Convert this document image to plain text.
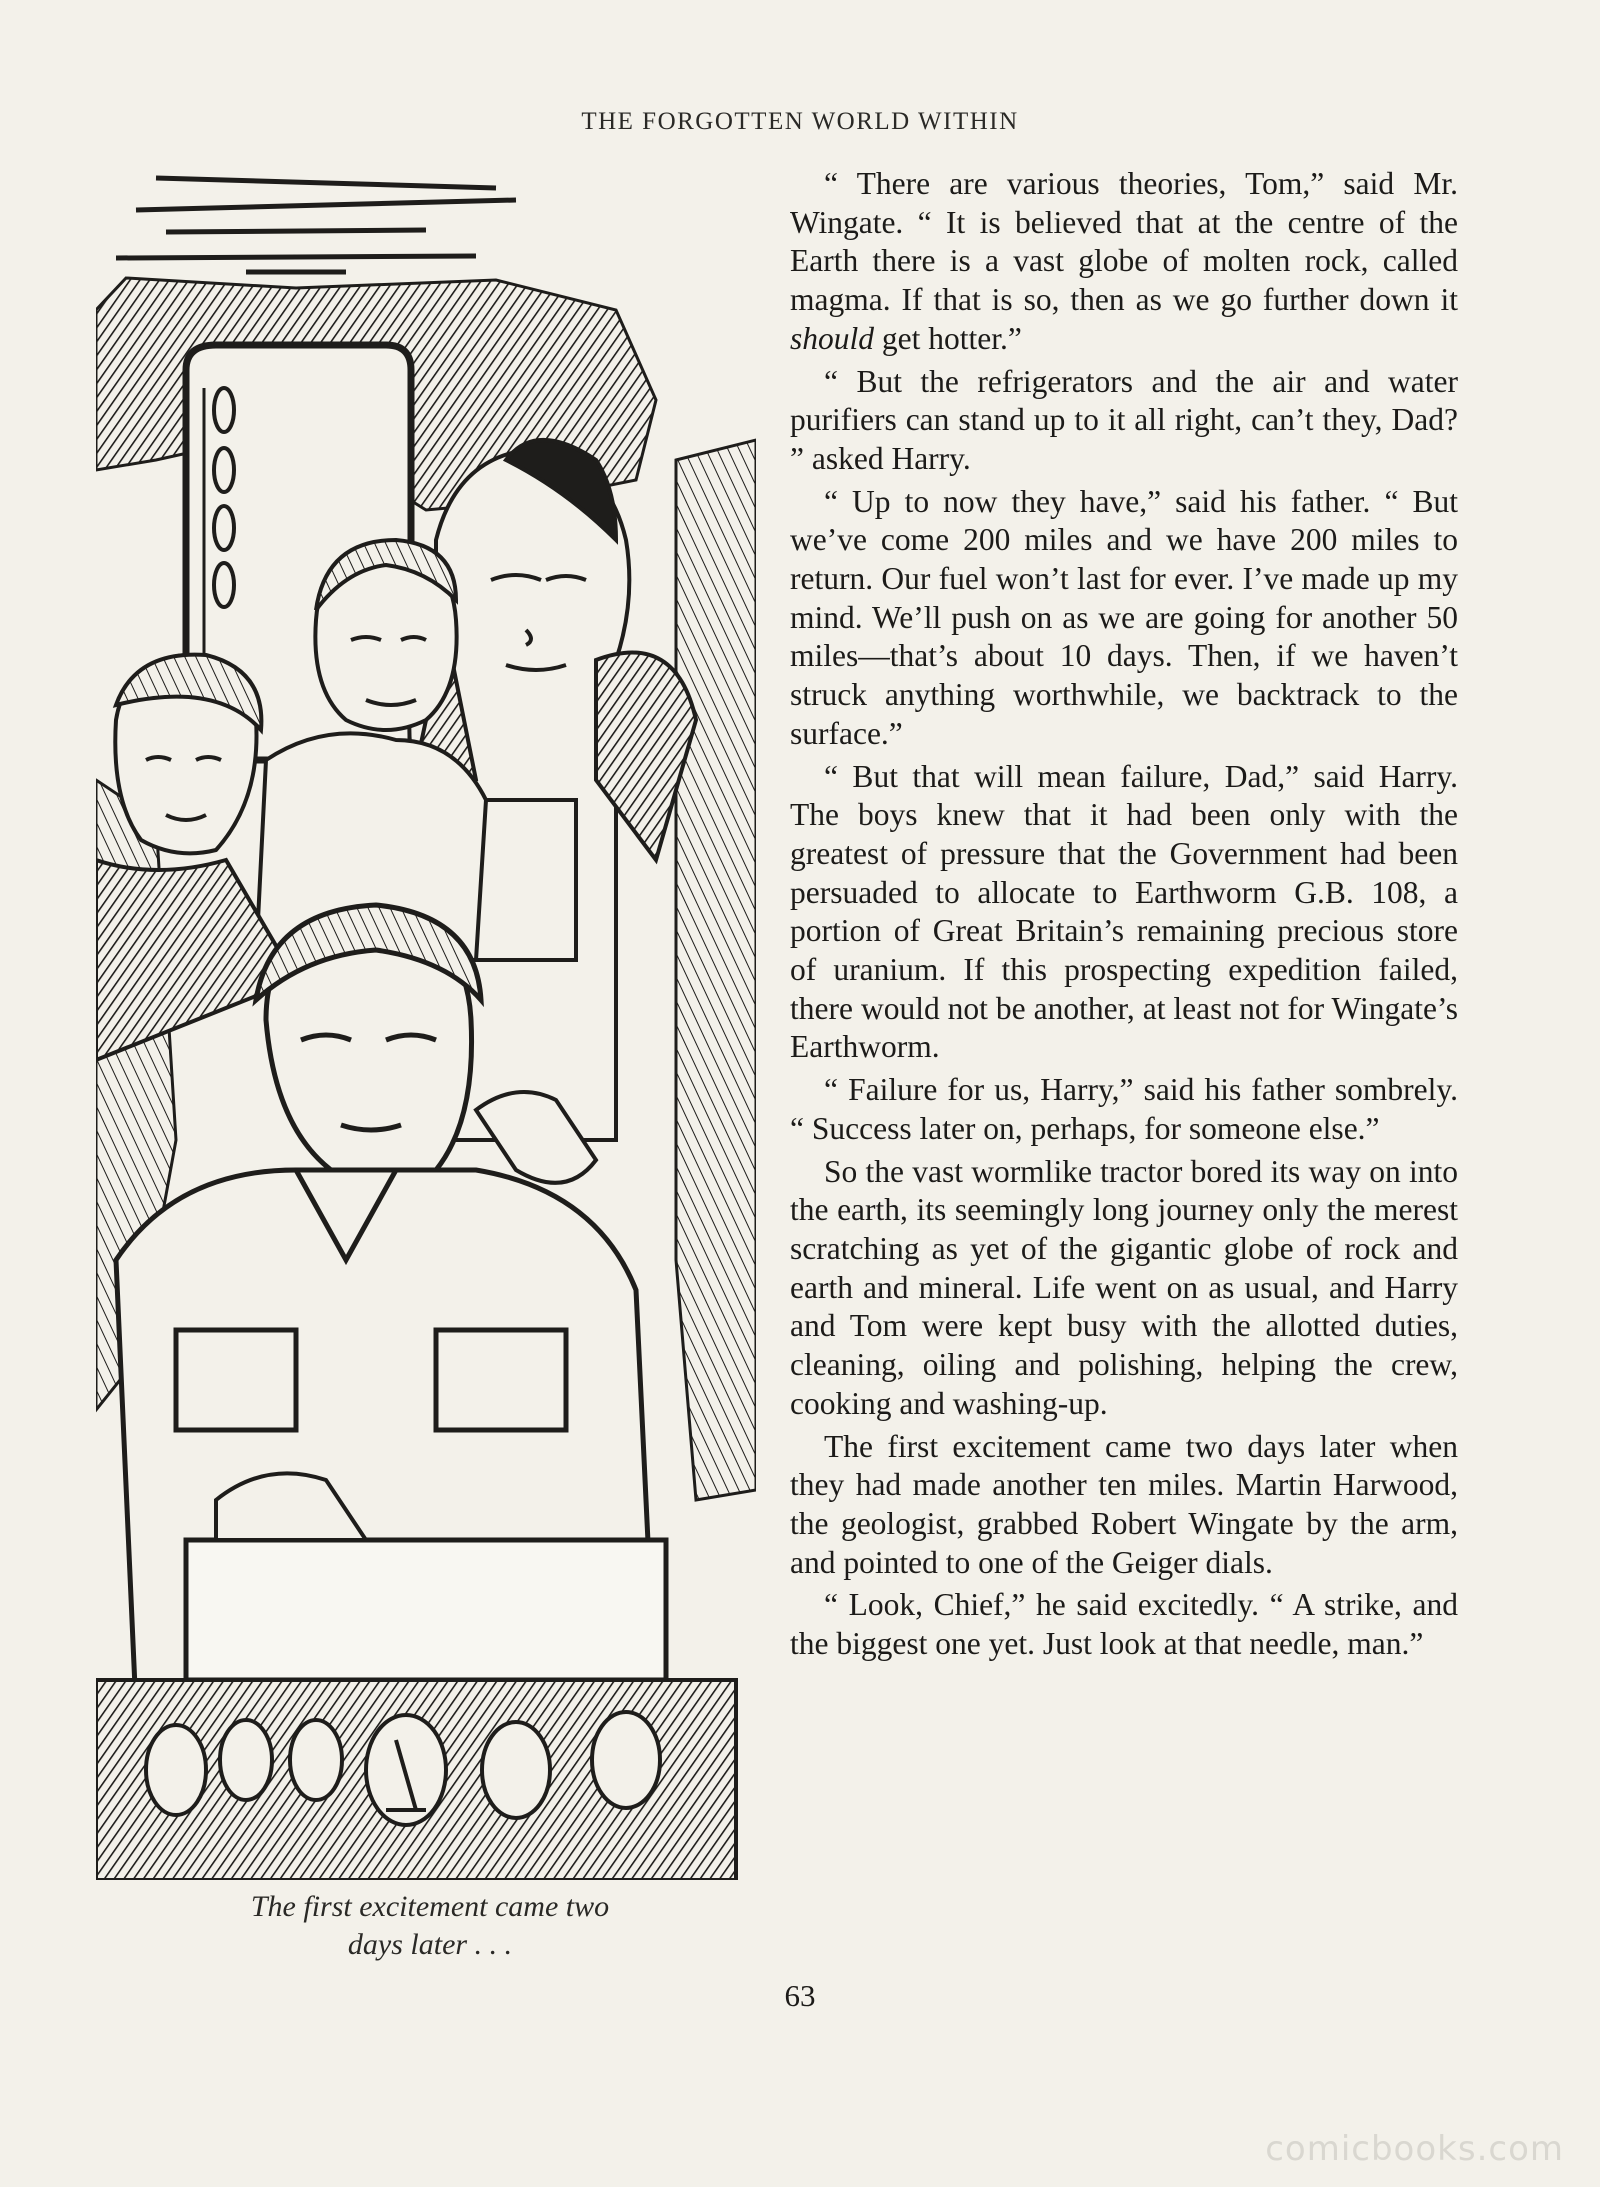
THE FORGOTTEN WORLD WITHIN
The first excitement came two
days later . . .

“ There are various theories, Tom,” said Mr. Wingate. “ It is believed that at the centre of the Earth there is a vast globe of molten rock, called magma. If that is so, then as we go further down it should get hotter.”

“ But the refrigerators and the air and water purifiers can stand up to it all right, can’t they, Dad? ” asked Harry.

“ Up to now they have,” said his father. “ But we’ve come 200 miles and we have 200 miles to return. Our fuel won’t last for ever. I’ve made up my mind. We’ll push on as we are going for another 50 miles—that’s about 10 days. Then, if we haven’t struck anything worthwhile, we backtrack to the surface.”

“ But that will mean failure, Dad,” said Harry. The boys knew that it had been only with the greatest of pressure that the Government had been persuaded to allocate to Earthworm G.B. 108, a portion of Great Britain’s remaining precious store of uranium. If this prospecting expedition failed, there would not be another, at least not for Wingate’s Earthworm.

“ Failure for us, Harry,” said his father sombrely. “ Success later on, perhaps, for someone else.”

So the vast wormlike tractor bored its way on into the earth, its seemingly long journey only the merest scratching as yet of the gigantic globe of rock and earth and mineral. Life went on as usual, and Harry and Tom were kept busy with the allotted duties, cleaning, oiling and polishing, helping the crew, cooking and washing-up.

The first excitement came two days later when they had made another ten miles. Martin Harwood, the geologist, grabbed Robert Wingate by the arm, and pointed to one of the Geiger dials.

“ Look, Chief,” he said excitedly. “ A strike, and the biggest one yet. Just look at that needle, man.”

63
comicbooks.com
